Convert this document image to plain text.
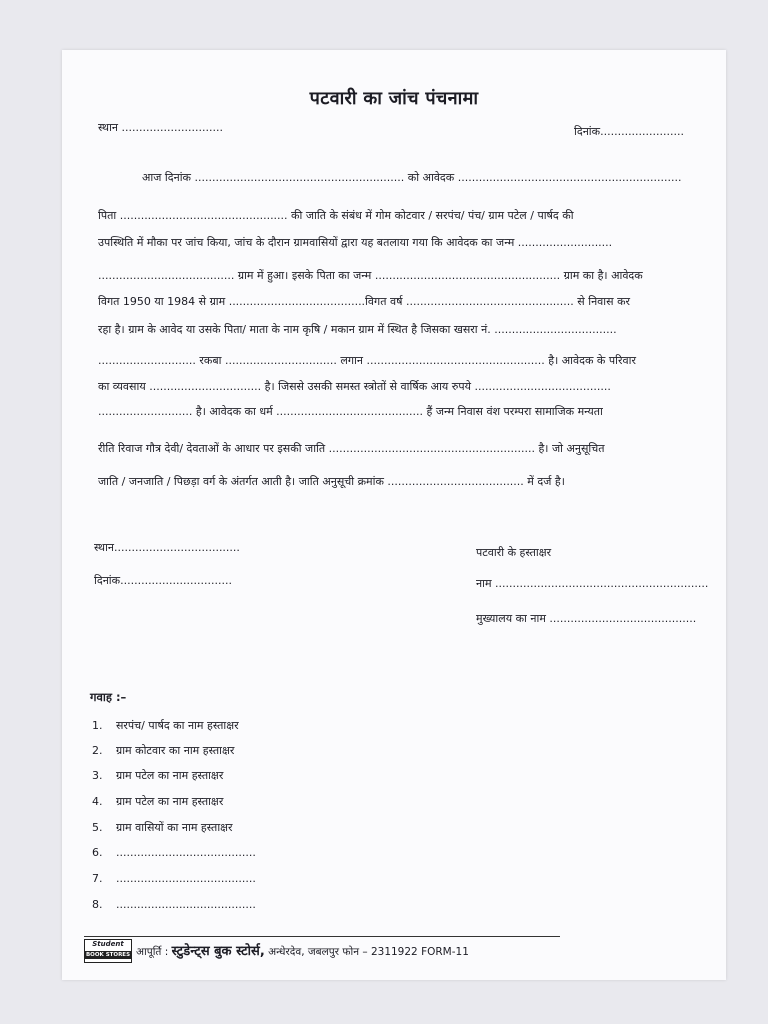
पटवारी का जांच पंचनामा
स्थान .............................	दिनांक........................
आज दिनांक ............................................................ को आवेदक ................................................................
पिता ................................................ की जाति के संबंध में गोम कोटवार / सरपंच/ पंच/ ग्राम पटेल / पार्षद की
उपस्थिति में मौका पर जांच किया, जांच के दौरान ग्रामवासियों द्वारा यह बतलाया गया कि आवेदक का जन्म ...........................
....................................... ग्राम में हुआ। इसके पिता का जन्म ..................................................... ग्राम का है। आवेदक
विगत 1950 या 1984 से ग्राम .......................................विगत वर्ष ................................................ से निवास कर
रहा है। ग्राम के आवेद या उसके पिता/ माता के नाम कृषि / मकान ग्राम में स्थित है जिसका खसरा नं. ...................................
............................ रकबा ................................ लगान ................................................... है। आवेदक के परिवार
का व्यवसाय ................................ है। जिससे उसकी समस्त स्त्रोतों से वार्षिक आय रुपये .......................................
........................... है। आवेदक का धर्म .......................................... हैं जन्म निवास वंश परम्परा सामाजिक मन्यता
रीति रिवाज गौत्र देवी/ देवताओं के आधार पर इसकी जाति ........................................................... है। जो अनुसूचित
जाति / जनजाति / पिछड़ा वर्ग के अंतर्गत आती है। जाति अनुसूची क्रमांक ....................................... में दर्ज है।
स्थान....................................
दिनांक................................
पटवारी के हस्ताक्षर
नाम .............................................................
मुख्यालय का नाम ..........................................
गवाह :–
1. सरपंच/ पार्षद का नाम हस्ताक्षर
2. ग्राम कोटवार का नाम हस्ताक्षर
3. ग्राम पटेल का नाम हस्ताक्षर
4. ग्राम पटेल का नाम हस्ताक्षर
5. ग्राम वासियों का नाम हस्ताक्षर
6. ........................................
7. ........................................
8. ........................................
Student
BOOK STORES आपूर्ति : स्टुडेन्ट्स बुक स्टोर्स, अन्धेरदेव, जबलपुर फोन – 2311922 FORM-11
